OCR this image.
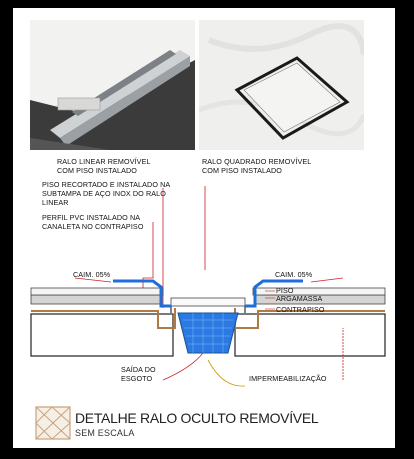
RALO LINEAR REMOVÍVEL
COM PISO INSTALADO
RALO QUADRADO REMOVÍVEL
COM PISO INSTALADO
PISO RECORTADO E INSTALADO NA
SUBTAMPA DE AÇO INOX DO RALO
LINEAR
PERFIL PVC INSTALADO NA
CANALETA NO CONTRAPISO
CAIM. 05%	CAIM. 05%
PISO
ARGAMASSA
CONTRAPISO
SAÍDA DO
ESGOTO	IMPERMEABILIZAÇÃO
DETALHE RALO OCULTO REMOVÍVEL
SEM ESCALA
